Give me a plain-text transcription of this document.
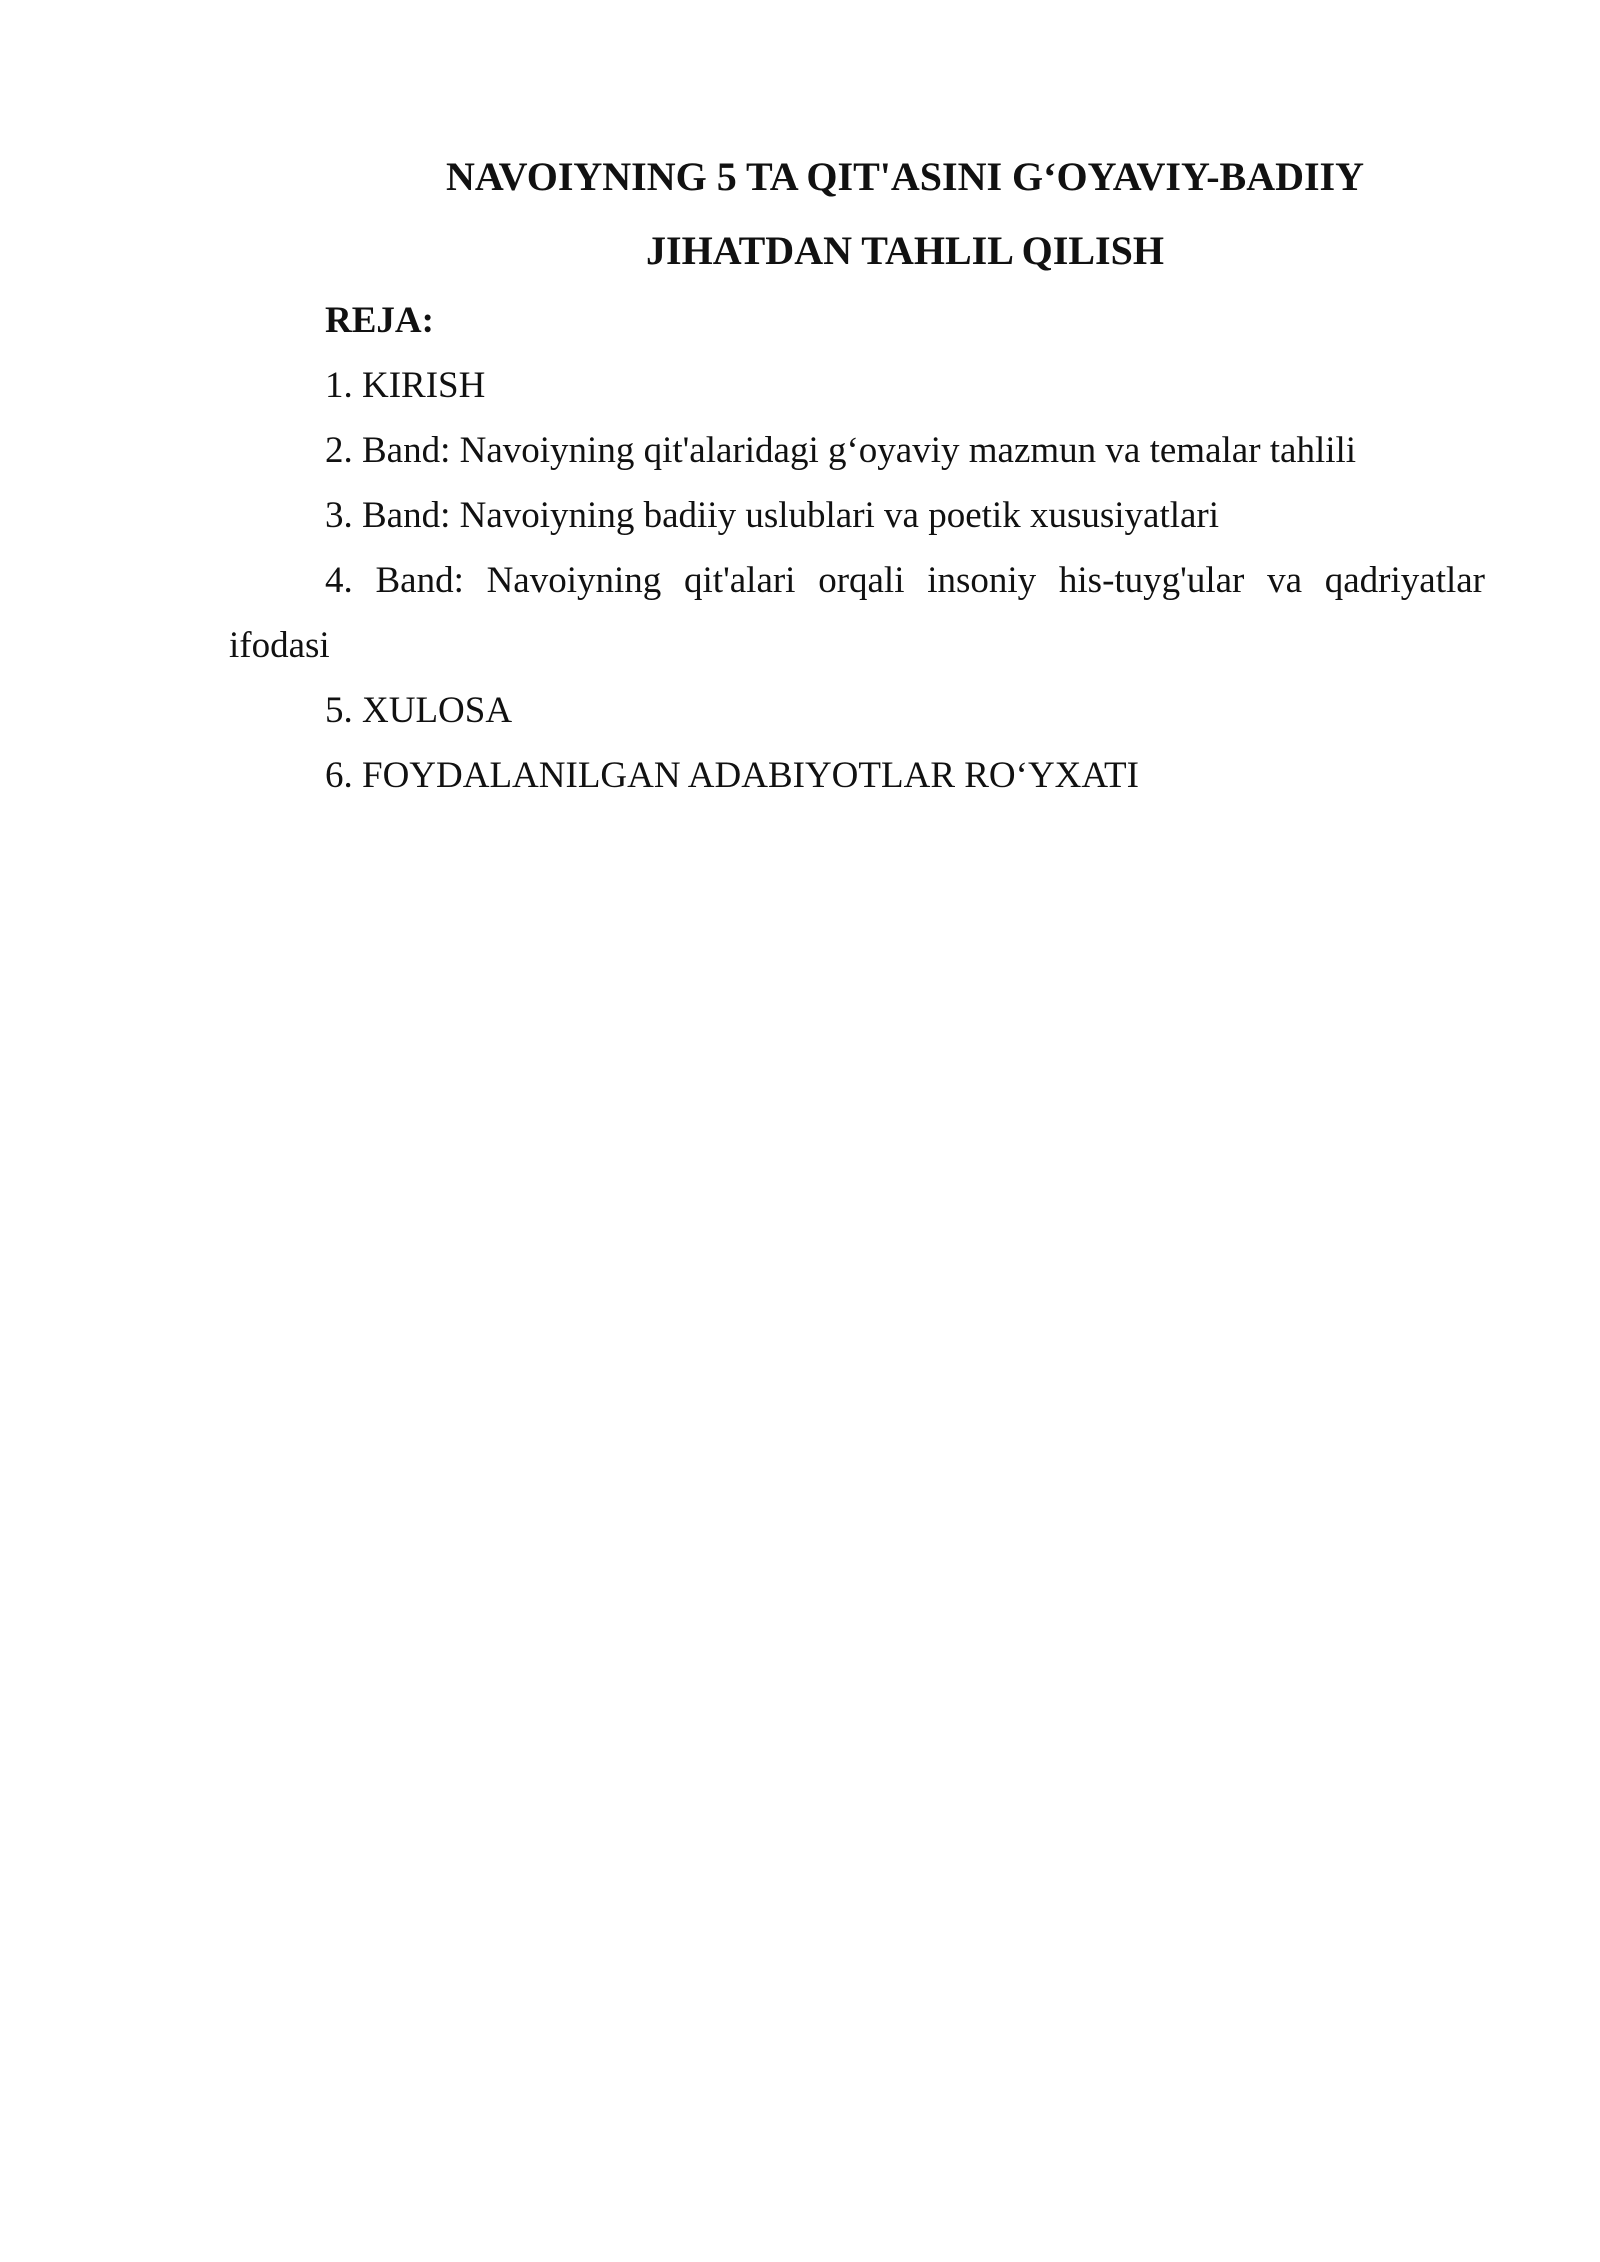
NAVOIYNING 5 TA QIT'ASINI G‘OYAVIY-BADIIY
JIHATDAN TAHLIL QILISH

REJA:

1. KIRISH
2. Band: Navoiyning qit'alaridagi g‘oyaviy mazmun va temalar tahlili
3. Band: Navoiyning badiiy uslublari va poetik xususiyatlari
4. Band: Navoiyning qit'alari orqali insoniy his-tuyg'ular va qadriyatlar ifodasi
5. XULOSA
6. FOYDALANILGAN ADABIYOTLAR RO‘YXATI
